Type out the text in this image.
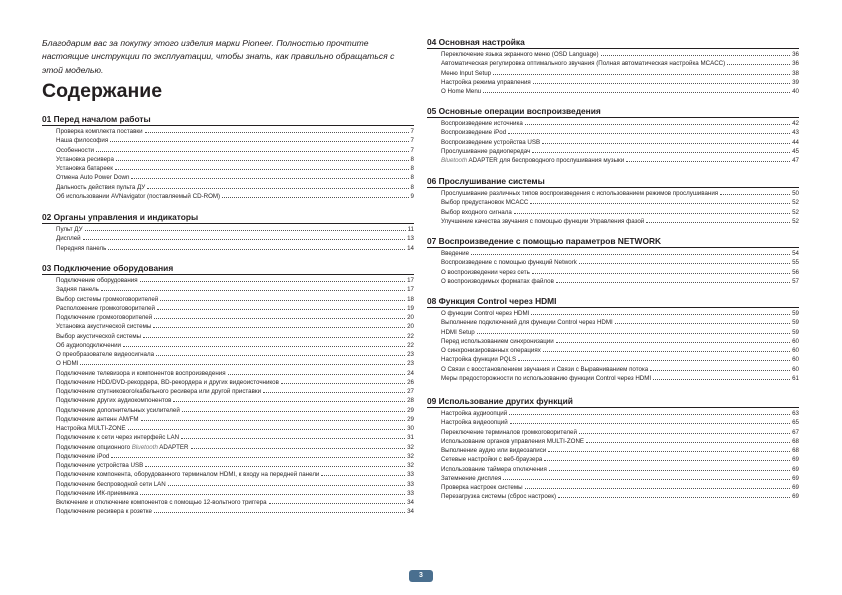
Благодарим вас за покупку этого изделия марки Pioneer. Полностью прочтите настоящие инструкции по эксплуатации, чтобы знать, как правильно обращаться с этой моделью.
Содержание
01 Перед началом работы
Проверка комплекта поставки	7
Наша философия	7
Особенности	7
Установка ресивера	8
Установка батареек	8
Отмена Auto Power Down	8
Дальность действия пульта ДУ	8
Об использовании AVNavigator (поставляемый CD-ROM)	9
02 Органы управления и индикаторы
Пульт ДУ	11
Дисплей	13
Передняя панель	14
03 Подключение оборудования
Подключение оборудования	17
Задняя панель	17
Выбор системы громкоговорителей	18
Расположение громкоговорителей	19
Подключение громкоговорителей	20
Установка акустической системы	20
Выбор акустической системы	22
Об аудиоподключении	22
О преобразователе видеосигнала	23
О HDMI	23
Подключение телевизора и компонентов воспроизведения	24
Подключение HDD/DVD-рекордера, BD-рекордера и других видеоисточников	26
Подключение спутникового/кабельного ресивера или другой приставки	27
Подключение других аудиокомпонентов	28
Подключение дополнительных усилителей	29
Подключение антенн AM/FM	29
Настройка MULTI-ZONE	30
Подключение к сети через интерфейс LAN	31
Подключение опционного Bluetooth ADAPTER	32
Подключение iPod	32
Подключение устройства USB	32
Подключение компонента, оборудованного терминалом HDMI, к входу на передней панели	33
Подключение беспроводной сети LAN	33
Подключение ИК-приемника	33
Включение и отключение компонентов с помощью 12-вольтного триггера	34
Подключение ресивера к розетке	34
04 Основная настройка
Переключение языка экранного меню (OSD Language)	36
Автоматическая регулировка оптимального звучания (Полная автоматическая настройка MCACC)	36
Меню Input Setup	38
Настройка режима управления	39
О Home Menu	40
05 Основные операции воспроизведения
Воспроизведение источника	42
Воспроизведение iPod	43
Воспроизведение устройства USB	44
Прослушивание радиопередач	45
Bluetooth ADAPTER для беспроводного прослушивания музыки	47
06 Прослушивание системы
Прослушивание различных типов воспроизведения с использованием режимов прослушивания	50
Выбор предустановок MCACC	52
Выбор входного сигнала	52
Улучшение качества звучания с помощью функции Управления фазой	52
07 Воспроизведение с помощью параметров NETWORK
Введение	54
Воспроизведение с помощью функций Network	55
О воспроизведении через сеть	56
О воспроизводимых форматах файлов	57
08 Функция Control через HDMI
О функции Control через HDMI	59
Выполнение подключений для функции Control через HDMI	59
HDMI Setup	59
Перед использованием синхронизации	60
О синхронизированных операциях	60
Настройка функции PQLS	60
О Связи с восстановлением звучания и Связи с Выравниванием потока	60
Меры предосторожности по использованию функции Control через HDMI	61
09 Использование других функций
Настройка аудиоопций	63
Настройка видеоопций	65
Переключение терминалов громкоговорителей	67
Использование органов управления MULTI-ZONE	68
Выполнение аудио или видеозаписи	68
Сетевые настройки с веб-браузера	69
Использование таймера отключения	69
Затемнение дисплея	69
Проверка настроек системы	69
Перезагрузка системы (сброс настроек)	69
3
